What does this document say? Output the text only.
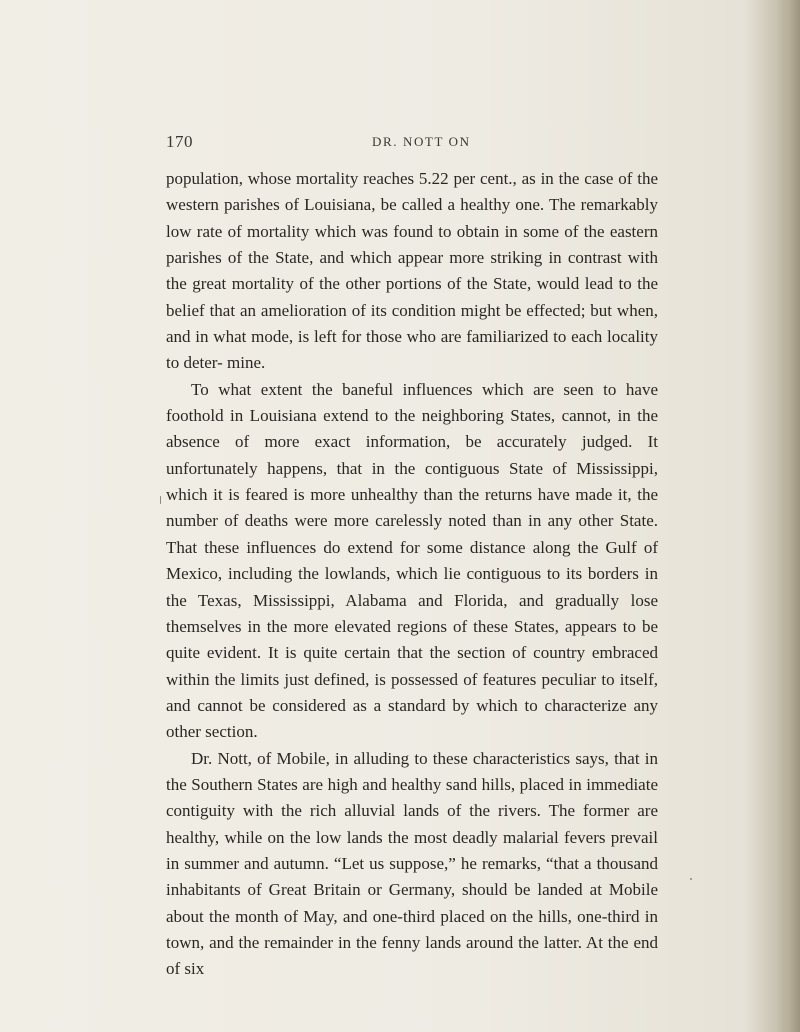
170	DR. NOTT ON

population, whose mortality reaches 5.22 per cent., as in the case of the western parishes of Louisiana, be called a healthy one. The remarkably low rate of mortality which was found to obtain in some of the eastern parishes of the State, and which appear more striking in contrast with the great mortality of the other portions of the State, would lead to the belief that an amelioration of its condition might be effected; but when, and in what mode, is left for those who are familiarized to each locality to deter- mine.

To what extent the baneful influences which are seen to have foothold in Louisiana extend to the neighboring States, cannot, in the absence of more exact information, be accurately judged. It unfortunately happens, that in the contiguous State of Mississippi, which it is feared is more unhealthy than the returns have made it, the number of deaths were more carelessly noted than in any other State. That these influences do extend for some distance along the Gulf of Mexico, including the lowlands, which lie contiguous to its borders in the Texas, Mississippi, Alabama and Florida, and gradually lose themselves in the more elevated regions of these States, appears to be quite evident. It is quite certain that the section of country embraced within the limits just defined, is possessed of features peculiar to itself, and cannot be considered as a standard by which to characterize any other section.

Dr. Nott, of Mobile, in alluding to these characteristics says, that in the Southern States are high and healthy sand hills, placed in immediate contiguity with the rich alluvial lands of the rivers. The former are healthy, while on the low lands the most deadly malarial fevers prevail in summer and autumn. “Let us suppose,” he remarks, “that a thousand inhabitants of Great Britain or Germany, should be landed at Mobile about the month of May, and one-third placed on the hills, one-third in town, and the remainder in the fenny lands around the latter. At the end of six
